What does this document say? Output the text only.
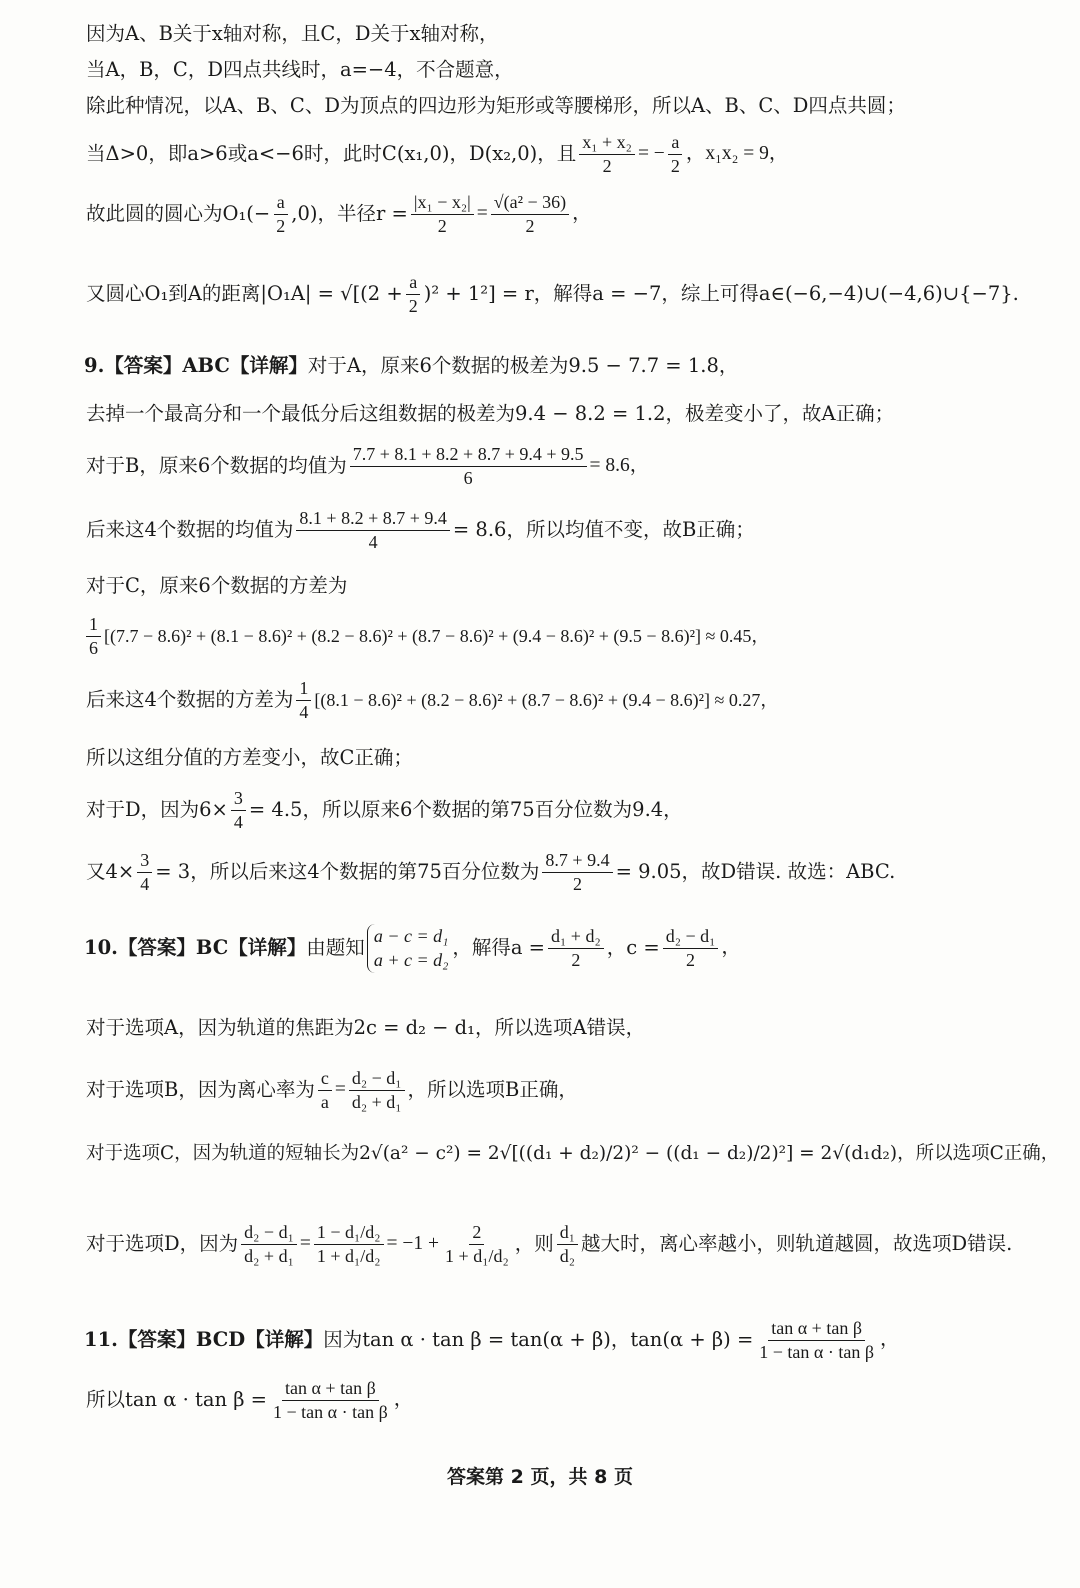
因为A、B关于x轴对称，且C，D关于x轴对称，
当A，B，C，D四点共线时，a=−4，不合题意，
除此种情况，以A、B、C、D为顶点的四边形为矩形或等腰梯形，所以A、B、C、D四点共圆；
当Δ>0，即a>6或a<−6时，此时C(x₁,0)，D(x₂,0)，且 $\frac{\text{x₁ + x₂}}{2}$ = − $\frac{a}{2}$ ，x₁x₂ = 9，
故此圆的圆心为$O_1(- \frac{a}{2} ,0)$，半径$r = \frac{\text{|x₁ − x₂|}}{2} = \frac{\text{√(a² − 36)}}{2}$ ，
又圆心O₁到A的距离$|O_1A| = √[(2 + \frac{a}{2} )^2 + 1^2] = r$，解得a = −7，综上可得a∈(−6,−4)∪(−4,6)∪{−7}.
9.【答案】ABC【详解】 对于A，原来6个数据的极差为9.5 − 7.7 = 1.8，
去掉一个最高分和一个最低分后这组数据的极差为9.4 − 8.2 = 1.2，极差变小了，故A正确；
对于B，原来6个数据的均值为 $\frac{7.7 + 8.1 + 8.2 + 8.7 + 9.4 + 9.5}{6} = 8.6$，
后来这4个数据的均值为 $\frac{8.1 + 8.2 + 8.7 + 9.4}{4} = 8.6$，所以均值不变，故B正确；
对于C，原来6个数据的方差为
$\frac{1}{6} [(7.7 - 8.6)^2 + (8.1 - 8.6)^2 + (8.2 - 8.6)^2 + (8.7 - 8.6)^2 + (9.4 - 8.6)^2 + (9.5 - 8.6)^2] \approx 0.45$，
后来这4个数据的方差为 $\frac{1}{4} [(8.1 - 8.6)^2 + (8.2 - 8.6)^2 + (8.7 - 8.6)^2 + (9.4 - 8.6)^2] \approx 0.27$，
所以这组分值的方差变小，故C正确；
对于D，因为$6\times \frac{3}{4} = 4.5$，所以原来6个数据的第75百分位数为9.4，
又$4\times \frac{3}{4} = 3$，所以后来这4个数据的第75百分位数为 $\frac{8.7 + 9.4}{2} = 9.05$，故D错误. 故选：ABC.
10.【答案】BC【详解】 由题知
a − c = d₁
a + c = d₂
，解得$a = \frac{\text{d₁ + d₂}}{2}$ ，$c = \frac{\text{d₂ − d₁}}{2}$ ，
对于选项A，因为轨道的焦距为2c = d₂ − d₁，所以选项A错误，
对于选项B，因为离心率为 $\frac{c}{a} = \frac{\text{d₂ − d₁}}{\text{d₂ + d₁}}$ ，所以选项B正确，
对于选项C，因为轨道的短轴长为2√(a² − c²) = 2√[((d₁ + d₂)/2)² − ((d₁ − d₂)/2)²] = 2√(d₁d₂)，所以选项C正确，
对于选项D，因为 $\frac{\text{d₂ − d₁}}{\text{d₂ + d₁}} = \frac{\text{1 − d₁/d₂}}{\text{1 + d₁/d₂}} = -1 + \frac{2}{\text{1 + d₁/d₂}}$ ，则 $\frac{\text{d₁}}{\text{d₂}}$ 越大时，离心率越小，则轨道越圆，故选项D错误.
11.【答案】BCD【详解】 因为tan α · tan β = tan(α + β)，$\tan(\alpha + \beta) = \frac{\text{tan α + tan β}}{\text{1 − tan α · tan β}}$ ，
所以$\tan \alpha \cdot \tan \beta = \frac{\text{tan α + tan β}}{\text{1 − tan α · tan β}}$ ，
答案第 2 页，共 8 页
